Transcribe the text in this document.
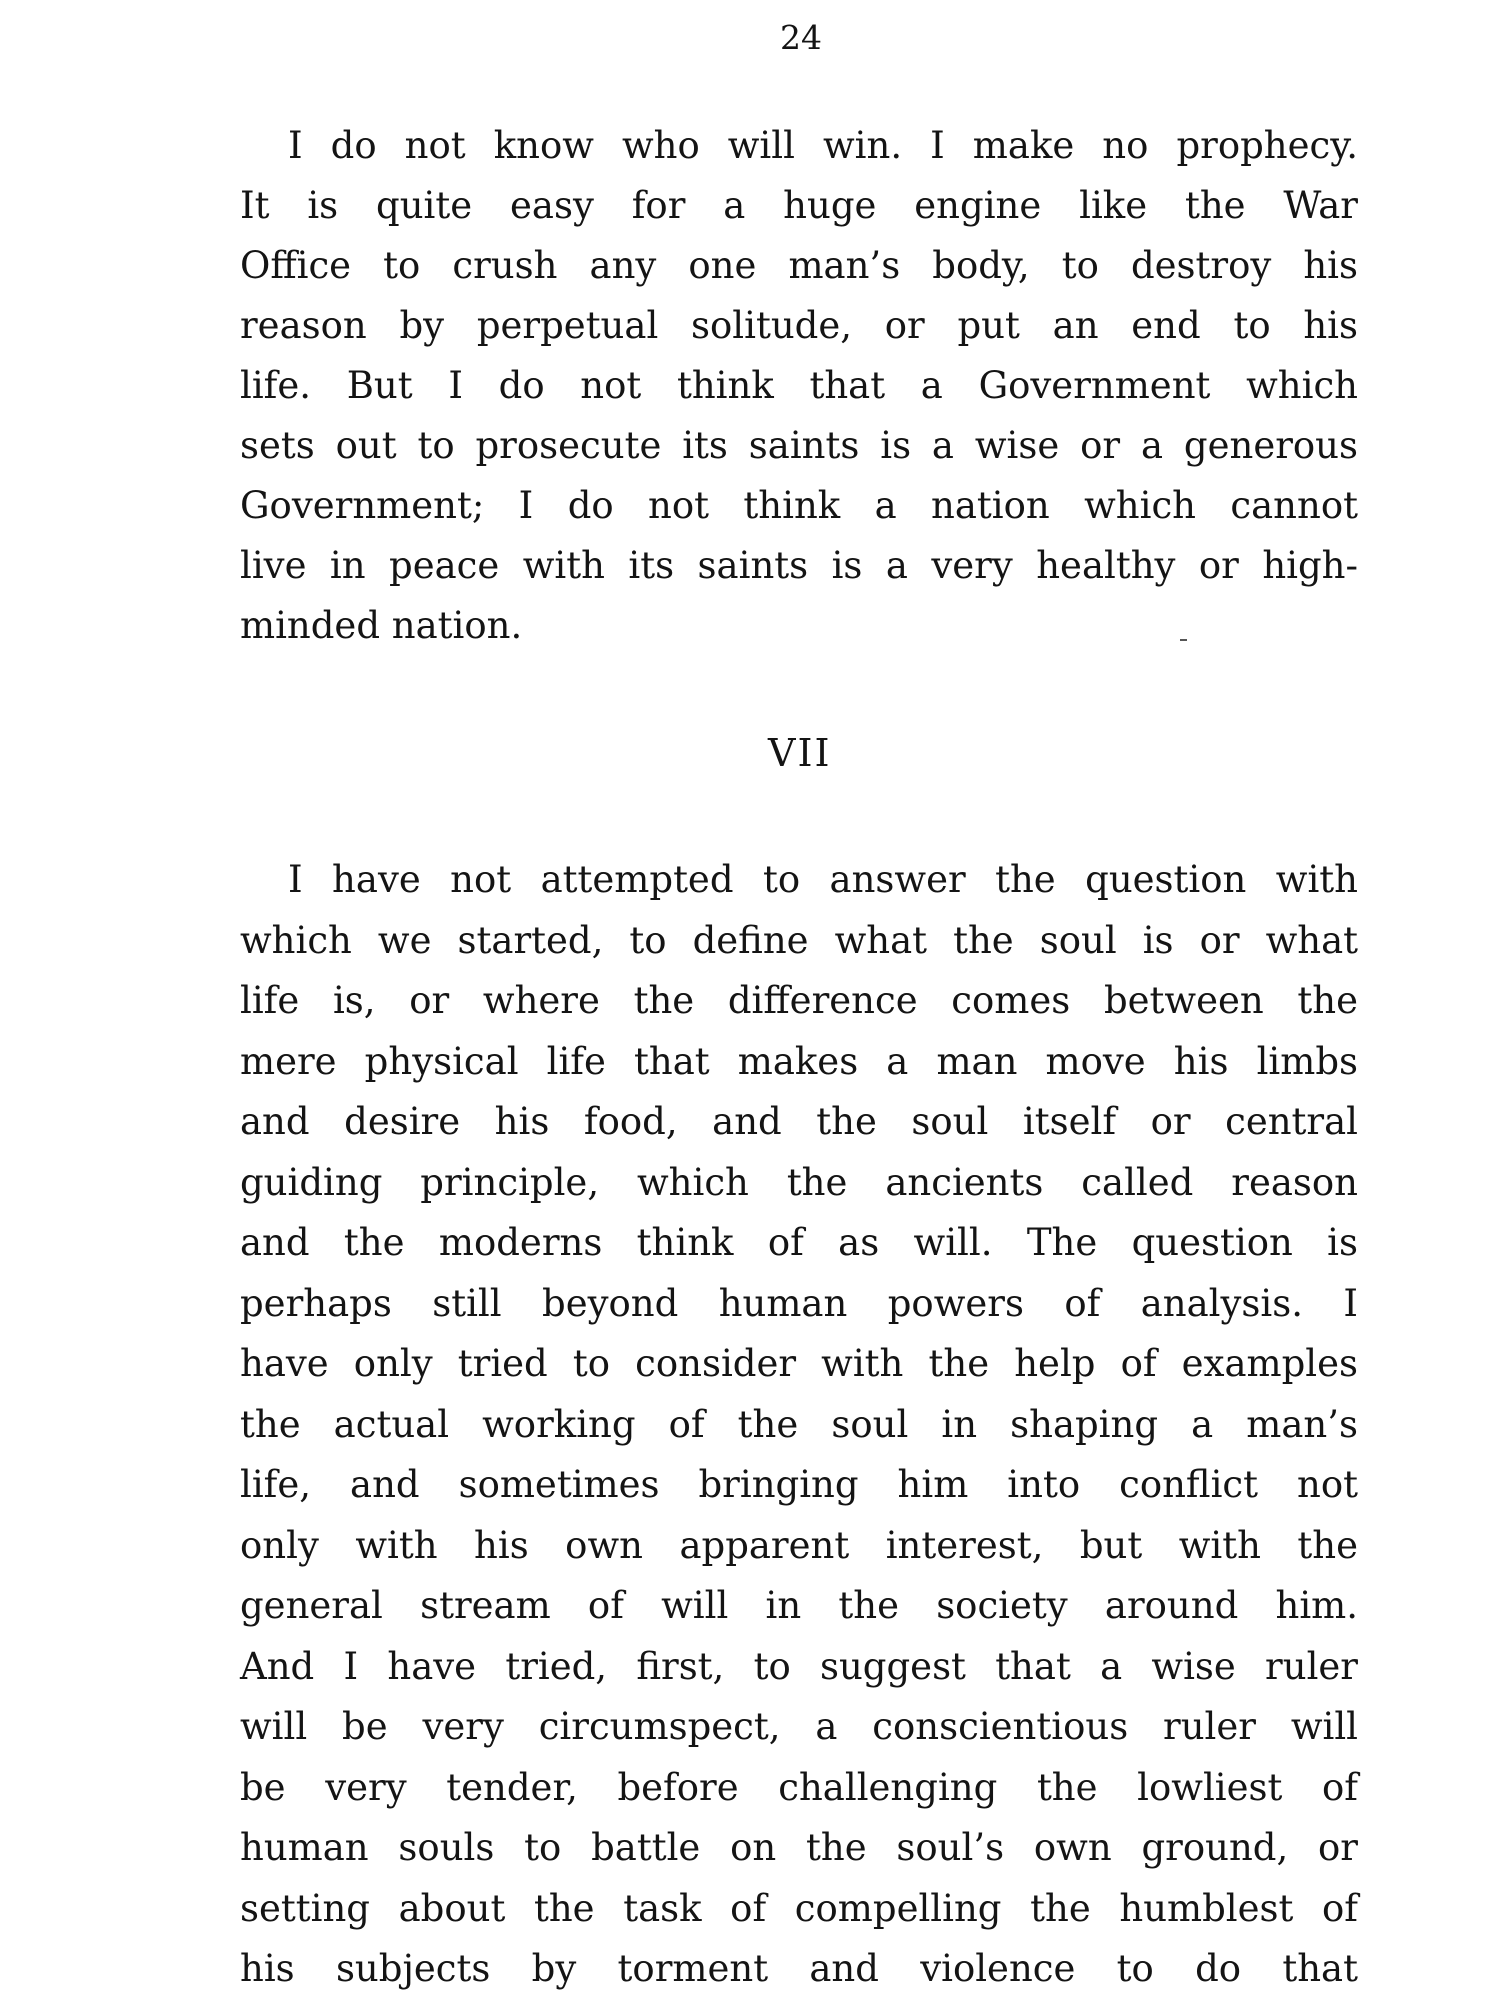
24
I do not know who will win. I make no prophecy.
It is quite easy for a huge engine like the War
Office to crush any one man’s body, to destroy his
reason by perpetual solitude, or put an end to his
life. But I do not think that a Government which
sets out to prosecute its saints is a wise or a generous
Government; I do not think a nation which cannot
live in peace with its saints is a very healthy or high-
minded nation.
VII
I have not attempted to answer the question with
which we started, to define what the soul is or what
life is, or where the difference comes between the
mere physical life that makes a man move his limbs
and desire his food, and the soul itself or central
guiding principle, which the ancients called reason
and the moderns think of as will. The question is
perhaps still beyond human powers of analysis. I
have only tried to consider with the help of examples
the actual working of the soul in shaping a man’s
life, and sometimes bringing him into conflict not
only with his own apparent interest, but with the
general stream of will in the society around him.
And I have tried, first, to suggest that a wise ruler
will be very circumspect, a conscientious ruler will
be very tender, before challenging the lowliest of
human souls to battle on the soul’s own ground, or
setting about the task of compelling the humblest of
his subjects by torment and violence to do that
